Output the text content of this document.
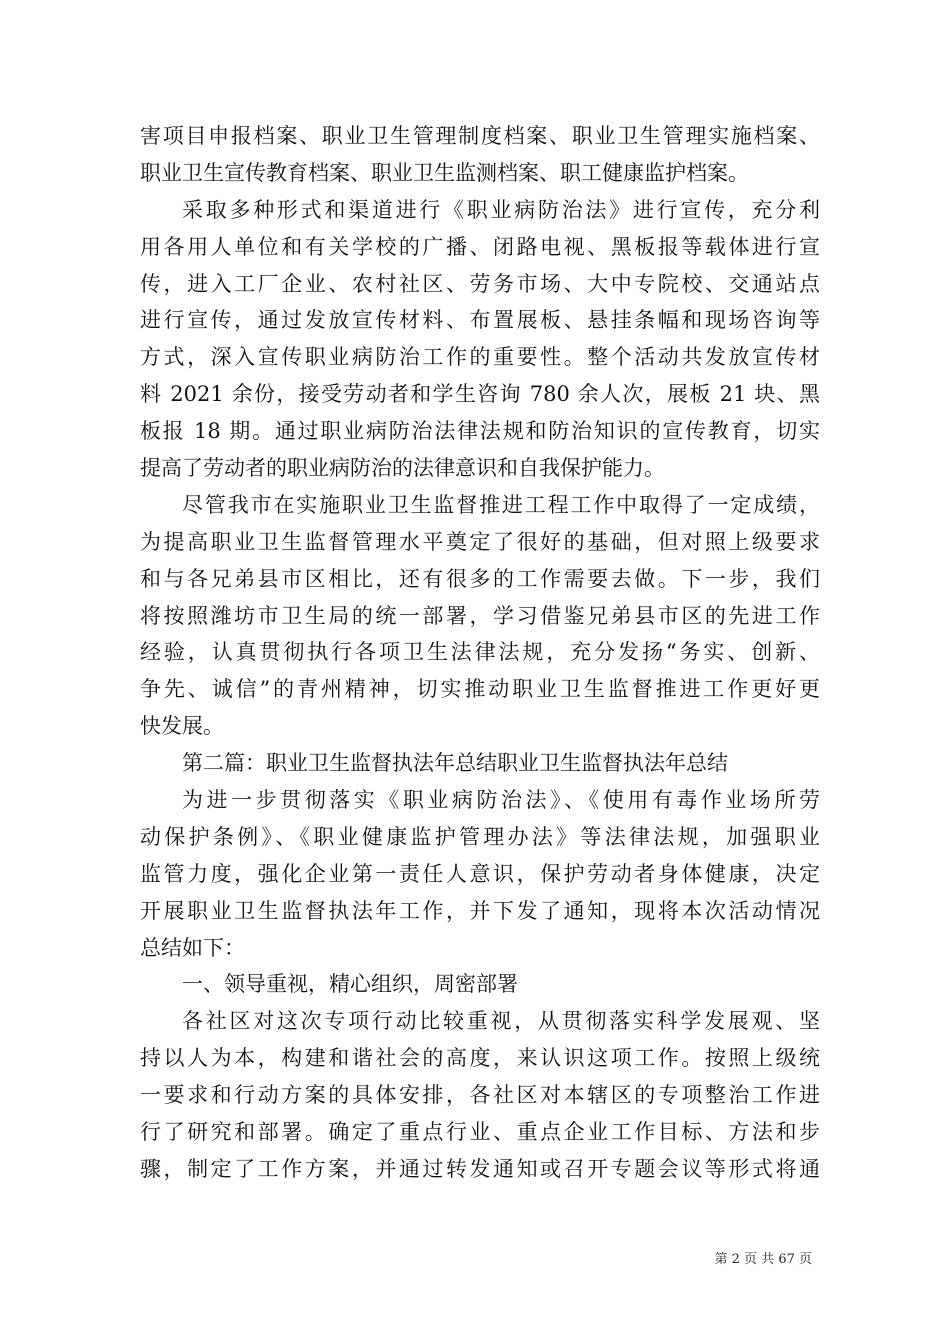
害项目申报档案、职业卫生管理制度档案、职业卫生管理实施档案、
职业卫生宣传教育档案、职业卫生监测档案、职工健康监护档案。
采取多种形式和渠道进行《职业病防治法》进行宣传，充分利
用各用人单位和有关学校的广播、闭路电视、黑板报等载体进行宣
传，进入工厂企业、农村社区、劳务市场、大中专院校、交通站点
进行宣传，通过发放宣传材料、布置展板、悬挂条幅和现场咨询等
方式，深入宣传职业病防治工作的重要性。整个活动共发放宣传材
料 2021 余份，接受劳动者和学生咨询 780 余人次，展板 21 块、黑
板报 18 期。通过职业病防治法律法规和防治知识的宣传教育，切实
提高了劳动者的职业病防治的法律意识和自我保护能力。
尽管我市在实施职业卫生监督推进工程工作中取得了一定成绩，
为提高职业卫生监督管理水平奠定了很好的基础，但对照上级要求
和与各兄弟县市区相比，还有很多的工作需要去做。下一步，我们
将按照潍坊市卫生局的统一部署，学习借鉴兄弟县市区的先进工作
经验，认真贯彻执行各项卫生法律法规，充分发扬“务实、创新、
争先、诚信”的青州精神，切实推动职业卫生监督推进工作更好更
快发展。
第二篇：职业卫生监督执法年总结职业卫生监督执法年总结
为进一步贯彻落实《职业病防治法》、《使用有毒作业场所劳
动保护条例》、《职业健康监护管理办法》等法律法规，加强职业
监管力度，强化企业第一责任人意识，保护劳动者身体健康，决定
开展职业卫生监督执法年工作，并下发了通知，现将本次活动情况
总结如下：
一、领导重视，精心组织，周密部署
各社区对这次专项行动比较重视，从贯彻落实科学发展观、坚
持以人为本，构建和谐社会的高度，来认识这项工作。按照上级统
一要求和行动方案的具体安排，各社区对本辖区的专项整治工作进
行了研究和部署。确定了重点行业、重点企业工作目标、方法和步
骤，制定了工作方案，并通过转发通知或召开专题会议等形式将通
第 2 页 共 67 页
